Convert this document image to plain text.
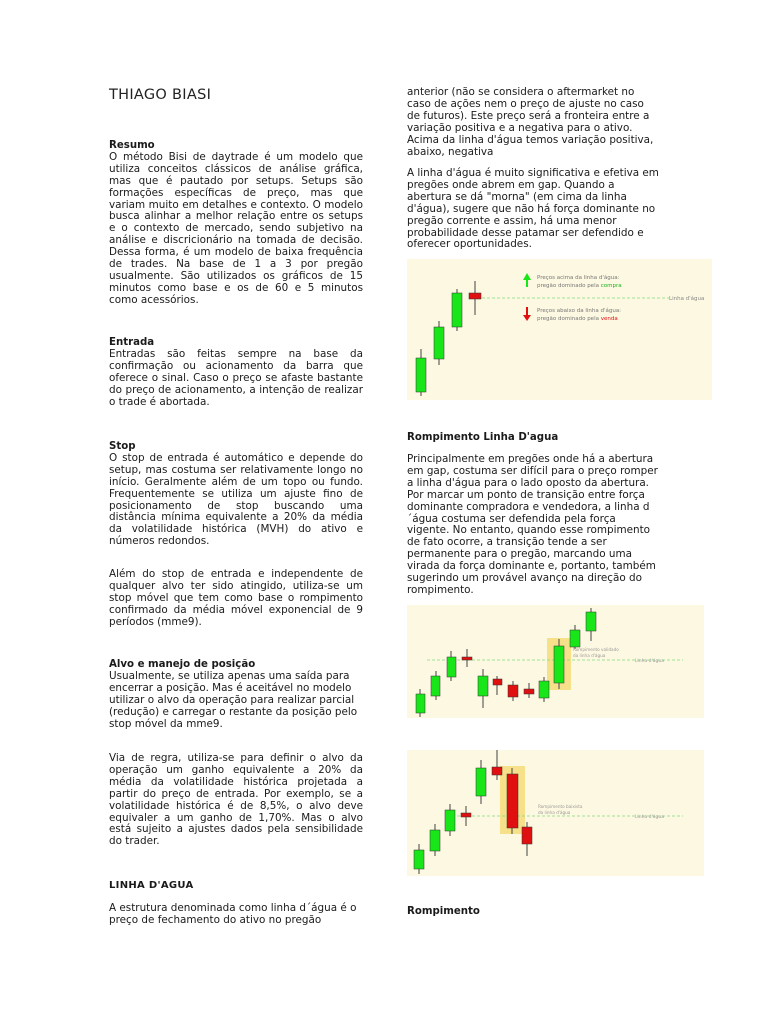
THIAGO BIASI
Resumo
O método Bisi de daytrade é um modelo que utiliza conceitos clássicos de análise gráfica, mas que é pautado por setups. Setups são formações específicas de preço, mas que variam muito em detalhes e contexto. O modelo busca alinhar a melhor relação entre os setups e o contexto de mercado, sendo subjetivo na análise e discricionário na tomada de decisão. Dessa forma, é um modelo de baixa frequência de trades. Na base de 1 a 3 por pregão usualmente. São utilizados os gráficos de 15 minutos como base e os de 60 e 5 minutos como acessórios.
Entrada
Entradas são feitas sempre na base da confirmação ou acionamento da barra que oferece o sinal. Caso o preço se afaste bastante do preço de acionamento, a intenção de realizar o trade é abortada.
Stop
O stop de entrada é automático e depende do setup, mas costuma ser relativamente longo no início. Geralmente além de um topo ou fundo. Frequentemente se utiliza um ajuste fino de posicionamento de stop buscando uma distância mínima equivalente a 20% da média da volatilidade histórica (MVH) do ativo e números redondos.
Além do stop de entrada e independente de qualquer alvo ter sido atingido, utiliza-se um stop móvel que tem como base o rompimento confirmado da média móvel exponencial de 9 períodos (mme9).
Alvo e manejo de posição
Usualmente, se utiliza apenas uma saída para encerrar a posição. Mas é aceitável no modelo utilizar o alvo da operação para realizar parcial (redução) e carregar o restante da posição pelo stop móvel da mme9.
Via de regra, utiliza-se para definir o alvo da operação um ganho equivalente a 20% da média da volatilidade histórica projetada a partir do preço de entrada. Por exemplo, se a volatilidade histórica é de 8,5%, o alvo deve equivaler a um ganho de 1,70%. Mas o alvo está sujeito a ajustes dados pela sensibilidade do trader.
LINHA D'AGUA
A estrutura denominada como linha d´água é o preço de fechamento do ativo no pregão
anterior (não se considera o aftermarket no caso de ações nem o preço de ajuste no caso de futuros). Este preço será a fronteira entre a variação positiva e a negativa para o ativo. Acima da linha d'água temos variação positiva, abaixo, negativa
A linha d'água é muito significativa e efetiva em pregões onde abrem em gap. Quando a abertura se dá "morna" (em cima da linha d'água), sugere que não há força dominante no pregão corrente e assim, há uma menor probabilidade desse patamar ser defendido e oferecer oportunidades.
Linha d'água
Preços acima da linha d'água:
pregão dominado pela compra
Preços abaixo da linha d'água:
pregão dominado pela venda
Rompimento Linha D'agua
Principalmente em pregões onde há a abertura em gap, costuma ser difícil para o preço romper a linha d'água para o lado oposto da abertura. Por marcar um ponto de transição entre força dominante compradora e vendedora, a linha d´água costuma ser defendida pela força vigente. No entanto, quando esse rompimento de fato ocorre, a transição tende a ser permanente para o pregão, marcando uma virada da força dominante e, portanto, também sugerindo um provável avanço na direção do rompimento.
Linha d'água
Rompimento validado
da linha d'água
Linha d'água
Rompimento baixista
da linha d'água
Rompimento
